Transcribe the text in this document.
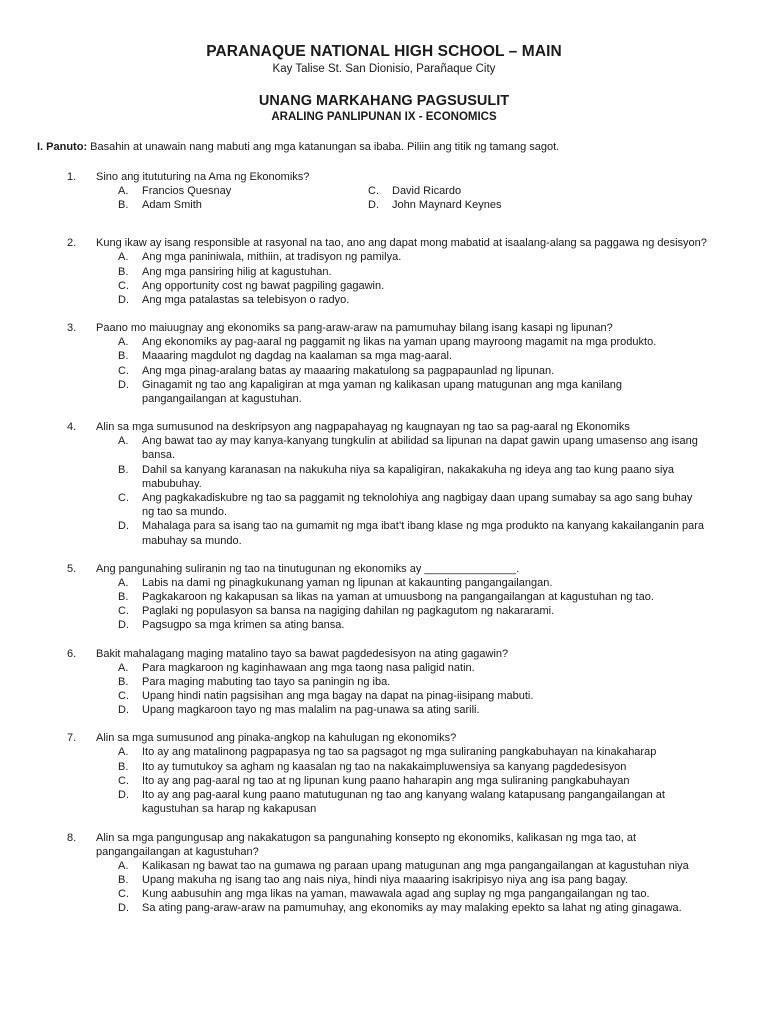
PARANAQUE NATIONAL HIGH SCHOOL – MAIN
Kay Talise St. San Dionisio, Parañaque City
UNANG MARKAHANG PAGSUSULIT
ARALING PANLIPUNAN IX - ECONOMICS
I. Panuto: Basahin at unawain nang mabuti ang mga katanungan sa ibaba. Piliin ang titik ng tamang sagot.
1. Sino ang itututuring na Ama ng Ekonomiks?
A. Francios Quesnay	C. David Ricardo
B. Adam Smith	D. John Maynard Keynes
2. Kung ikaw ay isang responsible at rasyonal na tao, ano ang dapat mong mabatid at isaalang-alang sa paggawa ng desisyon?
A. Ang mga paniniwala, mithiin, at tradisyon ng pamilya.
B. Ang mga pansiring hilig at kagustuhan.
C. Ang opportunity cost ng bawat pagpiling gagawin.
D. Ang mga patalastas sa telebisyon o radyo.
3. Paano mo maiuugnay ang ekonomiks sa pang-araw-araw na pamumuhay bilang isang kasapi ng lipunan?
A. Ang ekonomiks ay pag-aaral ng paggamit ng likas na yaman upang mayroong magamit na mga produkto.
B. Maaaring magdulot ng dagdag na kaalaman sa mga mag-aaral.
C. Ang mga pinag-aralang batas ay maaaring makatulong sa pagpapaunlad ng lipunan.
D. Ginagamit ng tao ang kapaligiran at mga yaman ng kalikasan upang matugunan ang mga kanilang pangangailangan at kagustuhan.
4. Alin sa mga sumusunod na deskripsyon ang nagpapahayag ng kaugnayan ng tao sa pag-aaral ng Ekonomiks
A. Ang bawat tao ay may kanya-kanyang tungkulin at abilidad sa lipunan na dapat gawin upang umasenso ang isang bansa.
B. Dahil sa kanyang karanasan na nakukuha niya sa kapaligiran, nakakakuha ng ideya ang tao kung paano siya mabubuhay.
C. Ang pagkakadiskubre ng tao sa paggamit ng teknolohiya ang nagbigay daan upang sumabay sa ago sang buhay ng tao sa mundo.
D. Mahalaga para sa isang tao na gumamit ng mga ibat’t ibang klase ng mga produkto na kanyang kakailanganin para mabuhay sa mundo.
5. Ang pangunahing suliranin ng tao na tinutugunan ng ekonomiks ay _______________.
A. Labis na dami ng pinagkukunang yaman ng lipunan at kakaunting pangangailangan.
B. Pagkakaroon ng kakapusan sa likas na yaman at umuusbong na pangangailangan at kagustuhan ng tao.
C. Paglaki ng populasyon sa bansa na nagiging dahilan ng pagkagutom ng nakararami.
D. Pagsugpo sa mga krimen sa ating bansa.
6. Bakit mahalagang maging matalino tayo sa bawat pagdedesisyon na ating gagawin?
A. Para magkaroon ng kaginhawaan ang mga taong nasa paligid natin.
B. Para maging mabuting tao tayo sa paningin ng iba.
C. Upang hindi natin pagsisihan ang mga bagay na dapat na pinag-iisipang mabuti.
D. Upang magkaroon tayo ng mas malalim na pag-unawa sa ating sarili.
7. Alin sa mga sumusunod ang pinaka-angkop na kahulugan ng ekonomiks?
A. Ito ay ang matalinong pagpapasya ng tao sa pagsagot ng mga suliraning pangkabuhayan na kinakaharap
B. Ito ay tumutukoy sa agham ng kaasalan ng tao na nakakaimpluwensiya sa kanyang pagdedesisyon
C. Ito ay ang pag-aaral ng tao at ng lipunan kung paano haharapin ang mga suliraning pangkabuhayan
D. Ito ay ang pag-aaral kung paano matutugunan ng tao ang kanyang walang katapusang pangangailangan at kagustuhan sa harap ng kakapusan
8. Alin sa mga pangungusap ang nakakatugon sa pangunahing konsepto ng ekonomiks, kalikasan ng mga tao, at pangangailangan at kagustuhan?
A. Kalikasan ng bawat tao na gumawa ng paraan upang matugunan ang mga pangangailangan at kagustuhan niya
B. Upang makuha ng isang tao ang nais niya, hindi niya maaaring isakripisyo niya ang isa pang bagay.
C. Kung aabusuhin ang mga likas na yaman, mawawala agad ang suplay ng mga pangangailangan ng tao.
D. Sa ating pang-araw-araw na pamumuhay, ang ekonomiks ay may malaking epekto sa lahat ng ating ginagawa.
